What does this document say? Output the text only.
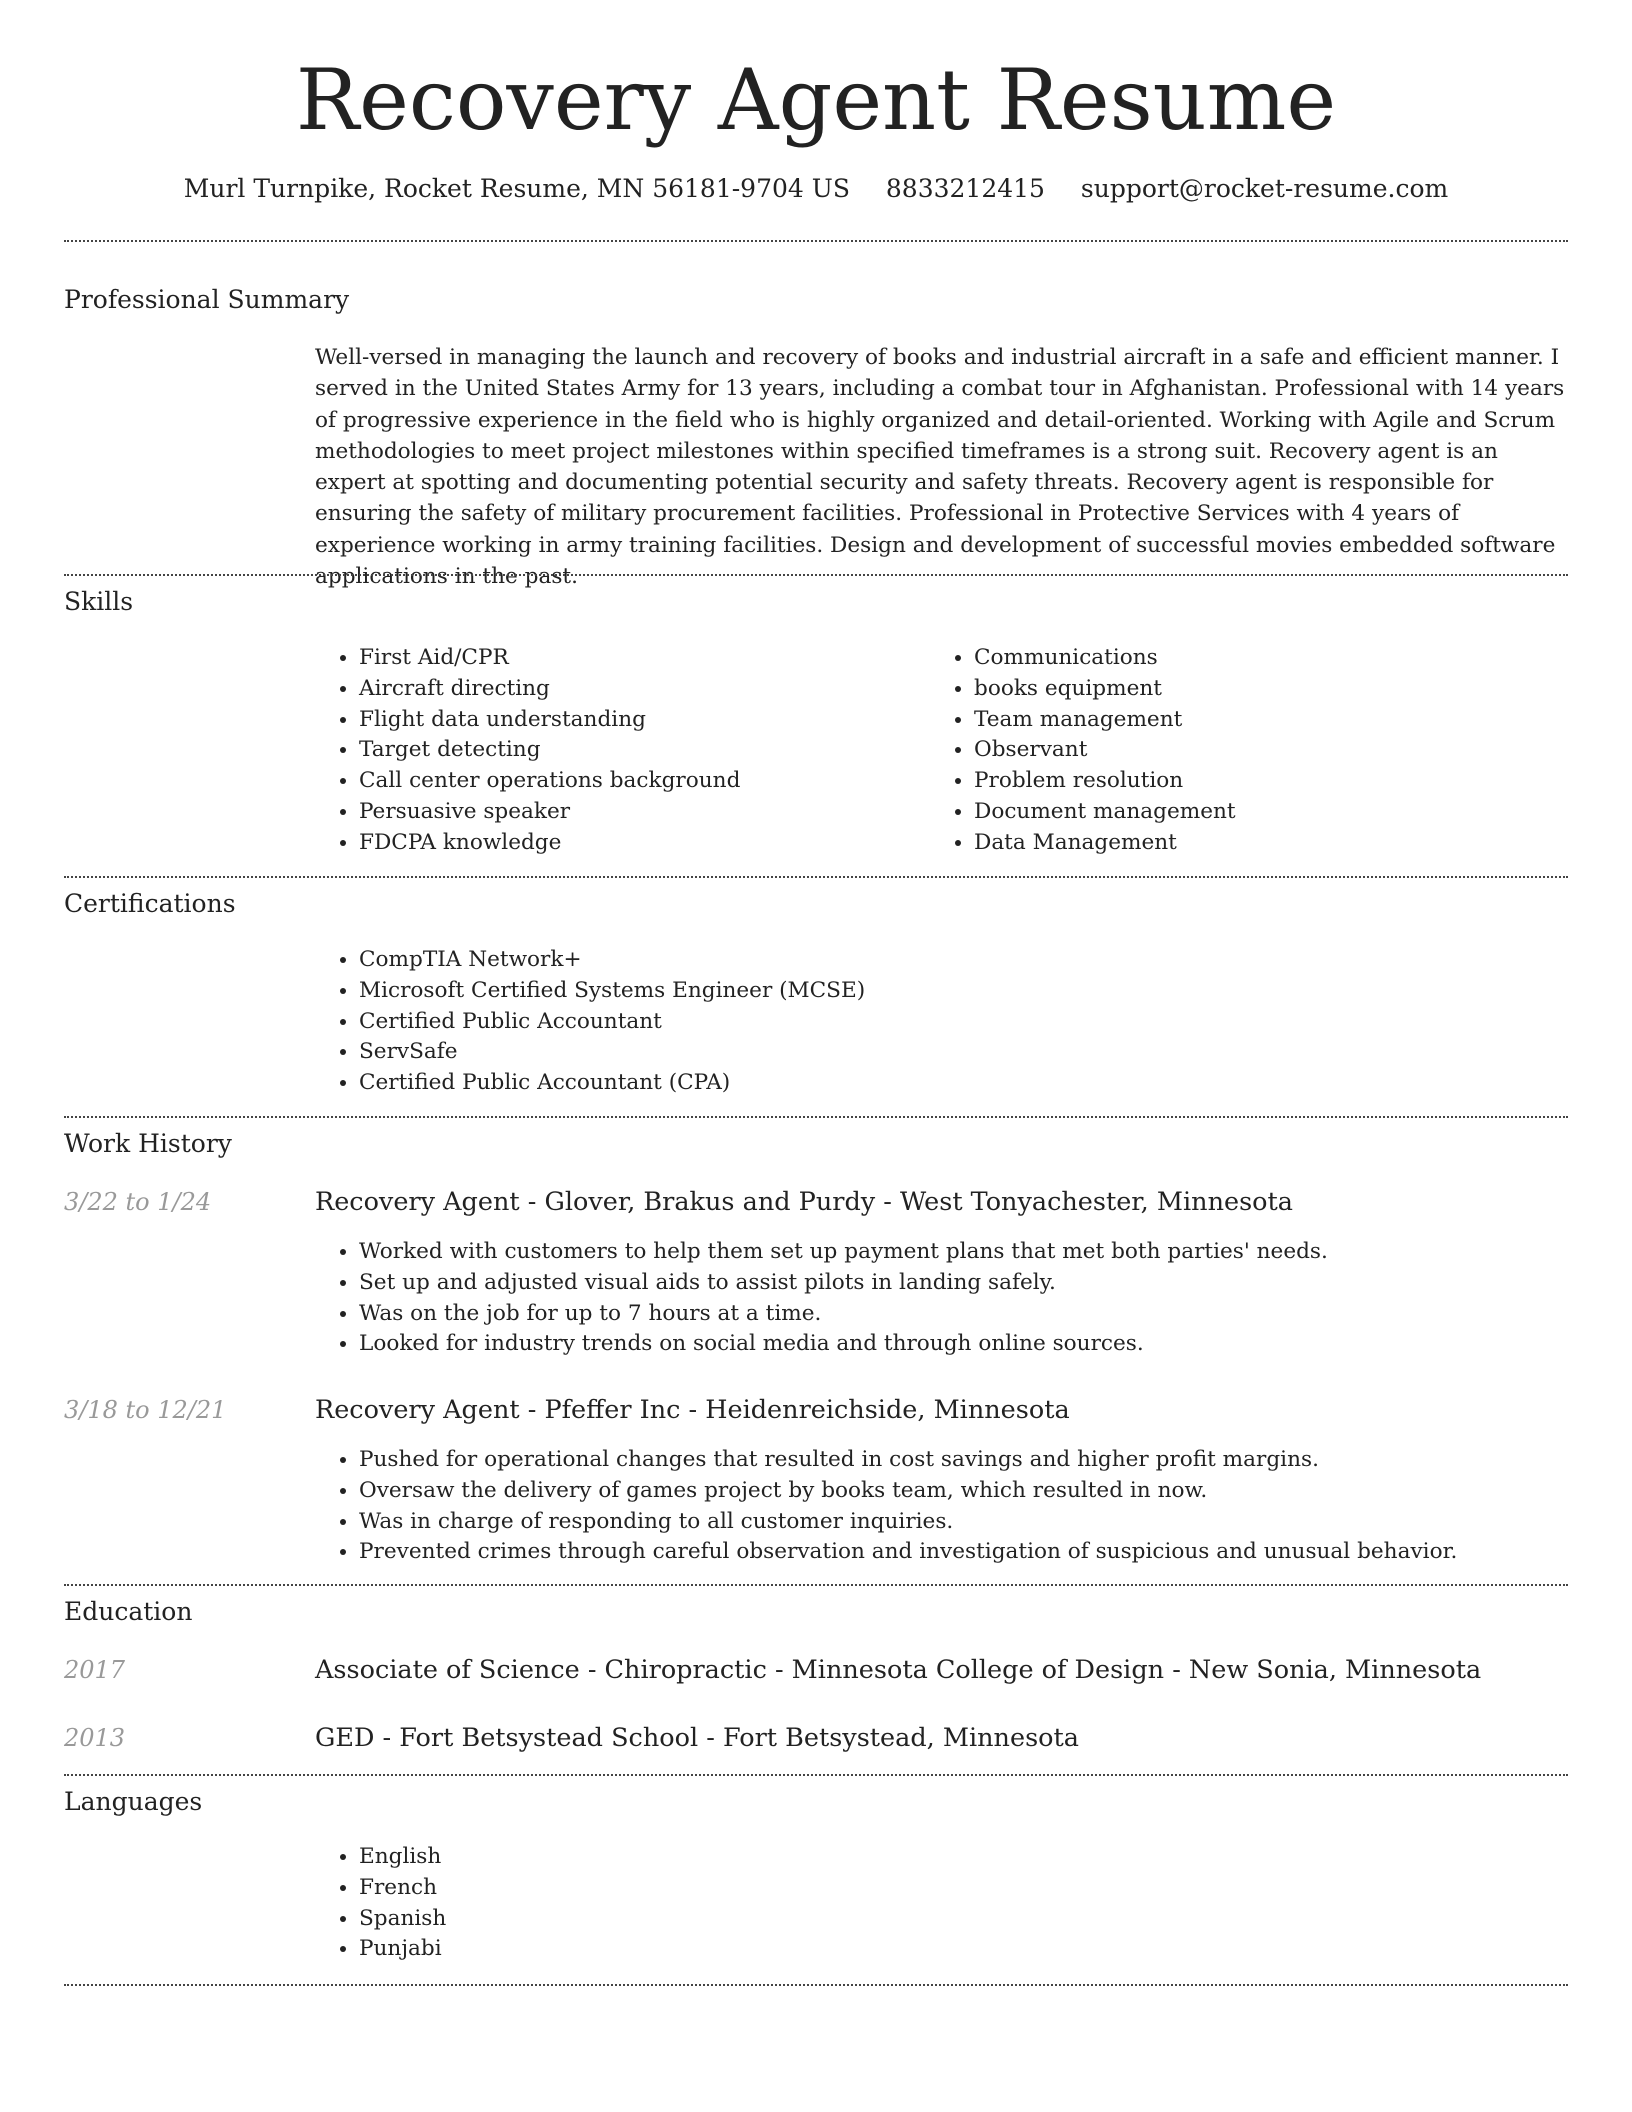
Recovery Agent Resume
Murl Turnpike, Rocket Resume, MN 56181-9704 US 8833212415 support@rocket-resume.com
Professional Summary

Well-versed in managing the launch and recovery of books and industrial aircraft in a safe and efficient manner. I served in the United States Army for 13 years, including a combat tour in Afghanistan. Professional with 14 years of progressive experience in the field who is highly organized and detail-oriented. Working with Agile and Scrum methodologies to meet project milestones within specified timeframes is a strong suit. Recovery agent is an expert at spotting and documenting potential security and safety threats. Recovery agent is responsible for ensuring the safety of military procurement facilities. Professional in Protective Services with 4 years of experience working in army training facilities. Design and development of successful movies embedded software applications in the past.

Skills
• First Aid/CPR
• Aircraft directing
• Flight data understanding
• Target detecting
• Call center operations background
• Persuasive speaker
• FDCPA knowledge
• Communications
• books equipment
• Team management
• Observant
• Problem resolution
• Document management
• Data Management
Certifications
• CompTIA Network+
• Microsoft Certified Systems Engineer (MCSE)
• Certified Public Accountant
• ServSafe
• Certified Public Accountant (CPA)
Work History
3/22 to 1/24	Recovery Agent - Glover, Brakus and Purdy - West Tonyachester, Minnesota
• Worked with customers to help them set up payment plans that met both parties' needs.
• Set up and adjusted visual aids to assist pilots in landing safely.
• Was on the job for up to 7 hours at a time.
• Looked for industry trends on social media and through online sources.
3/18 to 12/21	Recovery Agent - Pfeffer Inc - Heidenreichside, Minnesota
• Pushed for operational changes that resulted in cost savings and higher profit margins.
• Oversaw the delivery of games project by books team, which resulted in now.
• Was in charge of responding to all customer inquiries.
• Prevented crimes through careful observation and investigation of suspicious and unusual behavior.
Education
2017	Associate of Science - Chiropractic - Minnesota College of Design - New Sonia, Minnesota
2013	GED - Fort Betsystead School - Fort Betsystead, Minnesota
Languages
• English
• French
• Spanish
• Punjabi
